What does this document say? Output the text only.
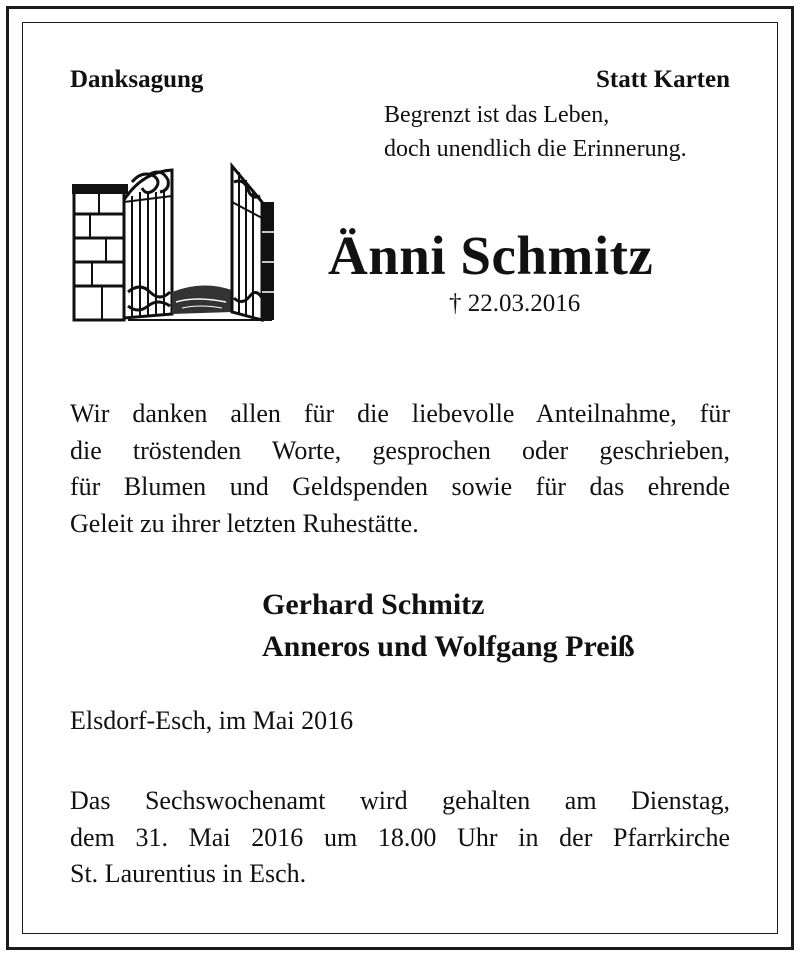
Danksagung	Statt Karten

Begrenzt ist das Leben,
doch unendlich die Erinnerung.

Änni Schmitz

† 22.03.2016

Wir danken allen für die liebevolle Anteilnahme, für
die tröstenden Worte, gesprochen oder geschrieben,
für Blumen und Geldspenden sowie für das ehrende
Geleit zu ihrer letzten Ruhestätte.
Gerhard Schmitz
Anneros und Wolfgang Preiß

Elsdorf-Esch, im Mai 2016

Das Sechswochenamt wird gehalten am Dienstag,
dem 31. Mai 2016 um 18.00 Uhr in der Pfarrkirche
St. Laurentius in Esch.
